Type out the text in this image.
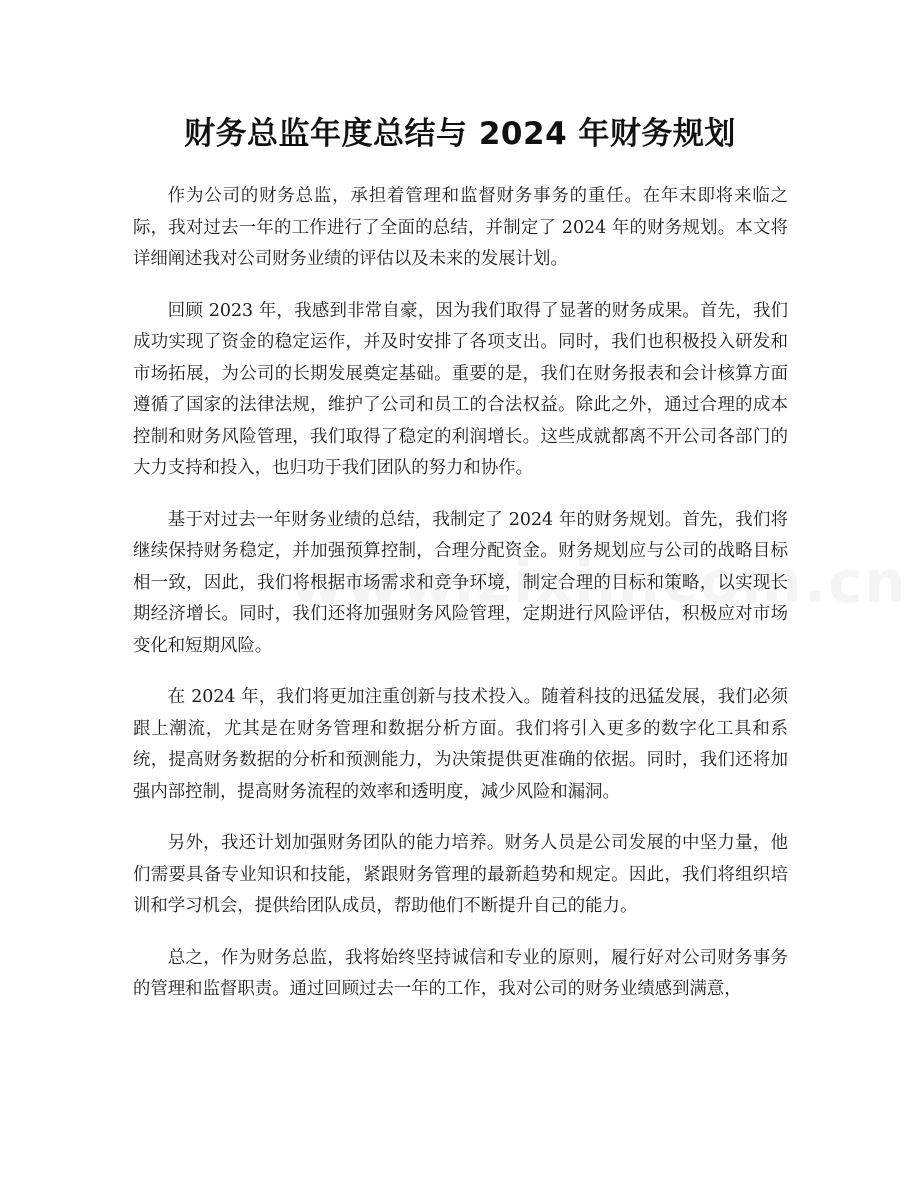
财务总监年度总结与 2024 年财务规划

作为公司的财务总监，承担着管理和监督财务事务的重任。在年末即将来临之际，我对过去一年的工作进行了全面的总结，并制定了 2024 年的财务规划。本文将详细阐述我对公司财务业绩的评估以及未来的发展计划。

回顾 2023 年，我感到非常自豪，因为我们取得了显著的财务成果。首先，我们成功实现了资金的稳定运作，并及时安排了各项支出。同时，我们也积极投入研发和市场拓展，为公司的长期发展奠定基础。重要的是，我们在财务报表和会计核算方面遵循了国家的法律法规，维护了公司和员工的合法权益。除此之外，通过合理的成本控制和财务风险管理，我们取得了稳定的利润增长。这些成就都离不开公司各部门的大力支持和投入，也归功于我们团队的努力和协作。

基于对过去一年财务业绩的总结，我制定了 2024 年的财务规划。首先，我们将继续保持财务稳定，并加强预算控制，合理分配资金。财务规划应与公司的战略目标相一致，因此，我们将根据市场需求和竞争环境，制定合理的目标和策略，以实现长期经济增长。同时，我们还将加强财务风险管理，定期进行风险评估，积极应对市场变化和短期风险。

在 2024 年，我们将更加注重创新与技术投入。随着科技的迅猛发展，我们必须跟上潮流，尤其是在财务管理和数据分析方面。我们将引入更多的数字化工具和系统，提高财务数据的分析和预测能力，为决策提供更准确的依据。同时，我们还将加强内部控制，提高财务流程的效率和透明度，减少风险和漏洞。

另外，我还计划加强财务团队的能力培养。财务人员是公司发展的中坚力量，他们需要具备专业知识和技能，紧跟财务管理的最新趋势和规定。因此，我们将组织培训和学习机会，提供给团队成员，帮助他们不断提升自己的能力。

总之，作为财务总监，我将始终坚持诚信和专业的原则，履行好对公司财务事务的管理和监督职责。通过回顾过去一年的工作，我对公司的财务业绩感到满意，
